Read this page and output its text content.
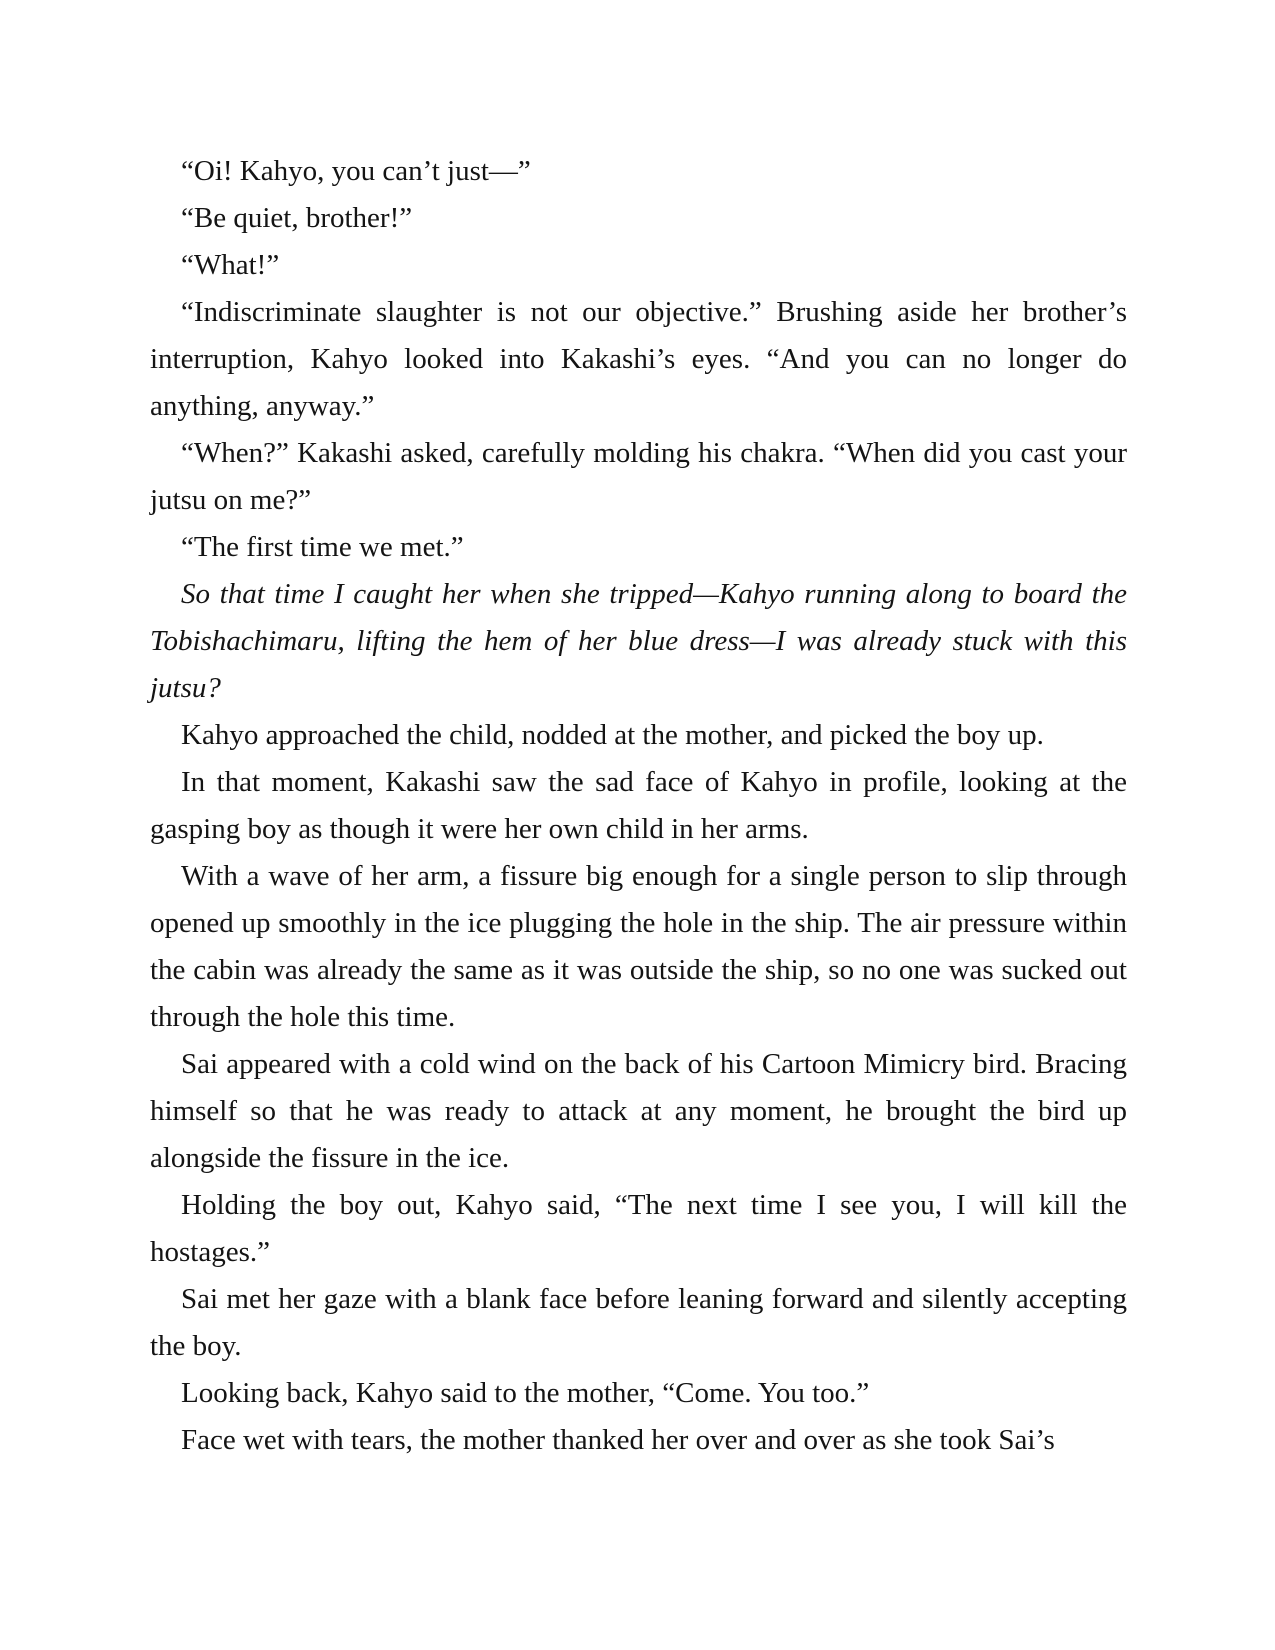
“Oi! Kahyo, you can’t just—”

“Be quiet, brother!”

“What!”

“Indiscriminate slaughter is not our objective.” Brushing aside her brother’s interruption, Kahyo looked into Kakashi’s eyes. “And you can no longer do anything, anyway.”

“When?” Kakashi asked, carefully molding his chakra. “When did you cast your jutsu on me?”

“The first time we met.”

So that time I caught her when she tripped—Kahyo running along to board the Tobishachimaru, lifting the hem of her blue dress—I was already stuck with this jutsu?

Kahyo approached the child, nodded at the mother, and picked the boy up.

In that moment, Kakashi saw the sad face of Kahyo in profile, looking at the gasping boy as though it were her own child in her arms.

With a wave of her arm, a fissure big enough for a single person to slip through opened up smoothly in the ice plugging the hole in the ship. The air pressure within the cabin was already the same as it was outside the ship, so no one was sucked out through the hole this time.

Sai appeared with a cold wind on the back of his Cartoon Mimicry bird. Bracing himself so that he was ready to attack at any moment, he brought the bird up alongside the fissure in the ice.

Holding the boy out, Kahyo said, “The next time I see you, I will kill the hostages.”

Sai met her gaze with a blank face before leaning forward and silently accepting the boy.

Looking back, Kahyo said to the mother, “Come. You too.”

Face wet with tears, the mother thanked her over and over as she took Sai’s
